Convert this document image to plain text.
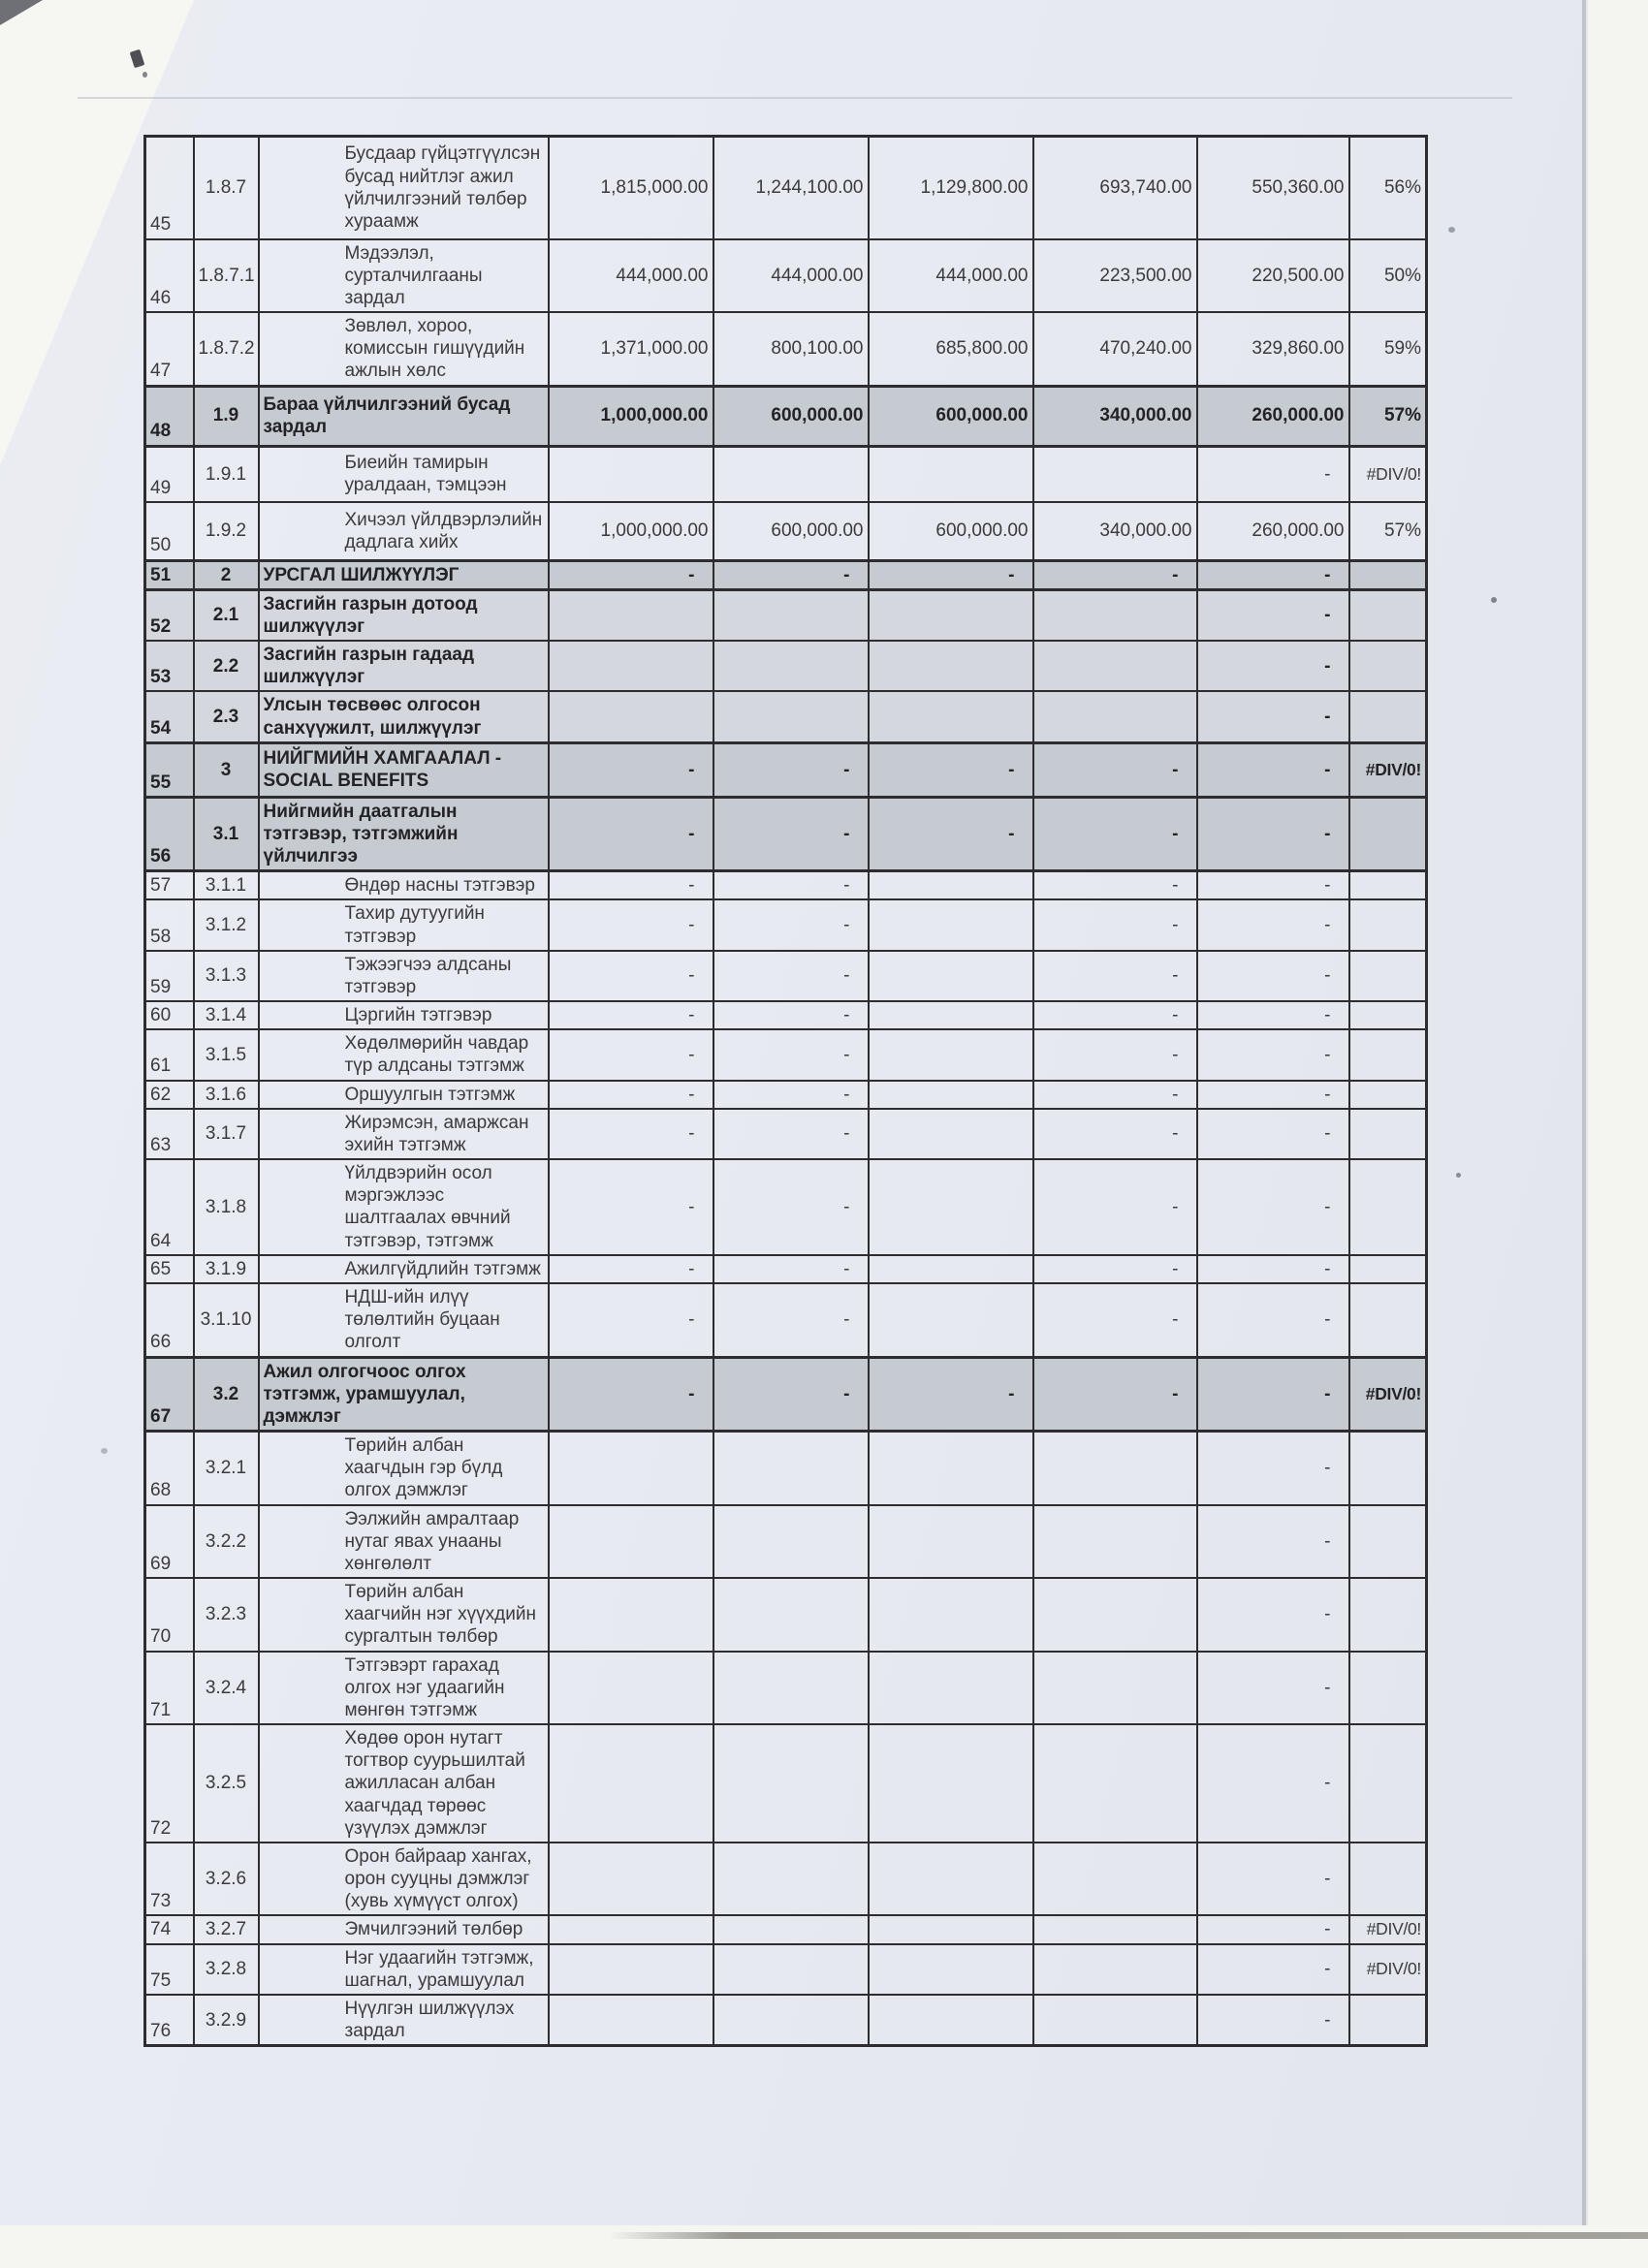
45	1.8.7	Бусдаар гүйцэтгүүлсэн бусад нийтлэг ажил үйлчилгээний төлбөр хураамж	1,815,000.00	1,244,100.00	1,129,800.00	693,740.00	550,360.00	56%
46	1.8.7.1	Мэдээлэл, сурталчилгааны зардал	444,000.00	444,000.00	444,000.00	223,500.00	220,500.00	50%
47	1.8.7.2	Зөвлөл, хороо, комиссын гишүүдийн ажлын хөлс	1,371,000.00	800,100.00	685,800.00	470,240.00	329,860.00	59%
48	1.9	Бараа үйлчилгээний бусад зардал	1,000,000.00	600,000.00	600,000.00	340,000.00	260,000.00	57%
49	1.9.1	Биеийн тамирын уралдаан, тэмцээн					-	#DIV/0!
50	1.9.2	Хичээл үйлдвэрлэлийн дадлага хийх	1,000,000.00	600,000.00	600,000.00	340,000.00	260,000.00	57%
51	2	УРСГАЛ ШИЛЖҮҮЛЭГ	-	-	-	-	-	
52	2.1	Засгийн газрын дотоод шилжүүлэг					-	
53	2.2	Засгийн газрын гадаад шилжүүлэг					-	
54	2.3	Улсын төсвөөс олгосон санхүүжилт, шилжүүлэг					-	
55	3	НИЙГМИЙН ХАМГААЛАЛ - SOCIAL BENEFITS	-	-	-	-	-	#DIV/0!
56	3.1	Нийгмийн даатгалын тэтгэвэр, тэтгэмжийн үйлчилгээ	-	-	-	-	-	
57	3.1.1	Өндөр насны тэтгэвэр	-	-		-	-	
58	3.1.2	Тахир дутуугийн тэтгэвэр	-	-		-	-	
59	3.1.3	Тэжээгчээ алдсаны тэтгэвэр	-	-		-	-	
60	3.1.4	Цэргийн тэтгэвэр	-	-		-	-	
61	3.1.5	Хөдөлмөрийн чавдар түр алдсаны тэтгэмж	-	-		-	-	
62	3.1.6	Оршуулгын тэтгэмж	-	-		-	-	
63	3.1.7	Жирэмсэн, амаржсан эхийн тэтгэмж	-	-		-	-	
64	3.1.8	Үйлдвэрийн осол мэргэжлээс шалтгаалах өвчний тэтгэвэр, тэтгэмж	-	-		-	-	
65	3.1.9	Ажилгүйдлийн тэтгэмж	-	-		-	-	
66	3.1.10	НДШ-ийн илүү төлөлтийн буцаан олголт	-	-		-	-	
67	3.2	Ажил олгогчоос олгох тэтгэмж, урамшуулал, дэмжлэг	-	-	-	-	-	#DIV/0!
68	3.2.1	Төрийн албан хаагчдын гэр бүлд олгох дэмжлэг					-	
69	3.2.2	Ээлжийн амралтаар нутаг явах унааны хөнгөлөлт					-	
70	3.2.3	Төрийн албан хаагчийн нэг хүүхдийн сургалтын төлбөр					-	
71	3.2.4	Тэтгэвэрт гарахад олгох нэг удаагийн мөнгөн тэтгэмж					-	
72	3.2.5	Хөдөө орон нутагт тогтвор суурьшилтай ажилласан албан хаагчдад төрөөс үзүүлэх дэмжлэг					-	
73	3.2.6	Орон байраар хангах, орон сууцны дэмжлэг (хувь хүмүүст олгох)					-	
74	3.2.7	Эмчилгээний төлбөр					-	#DIV/0!
75	3.2.8	Нэг удаагийн тэтгэмж, шагнал, урамшуулал					-	#DIV/0!
76	3.2.9	Нүүлгэн шилжүүлэх зардал					-	
